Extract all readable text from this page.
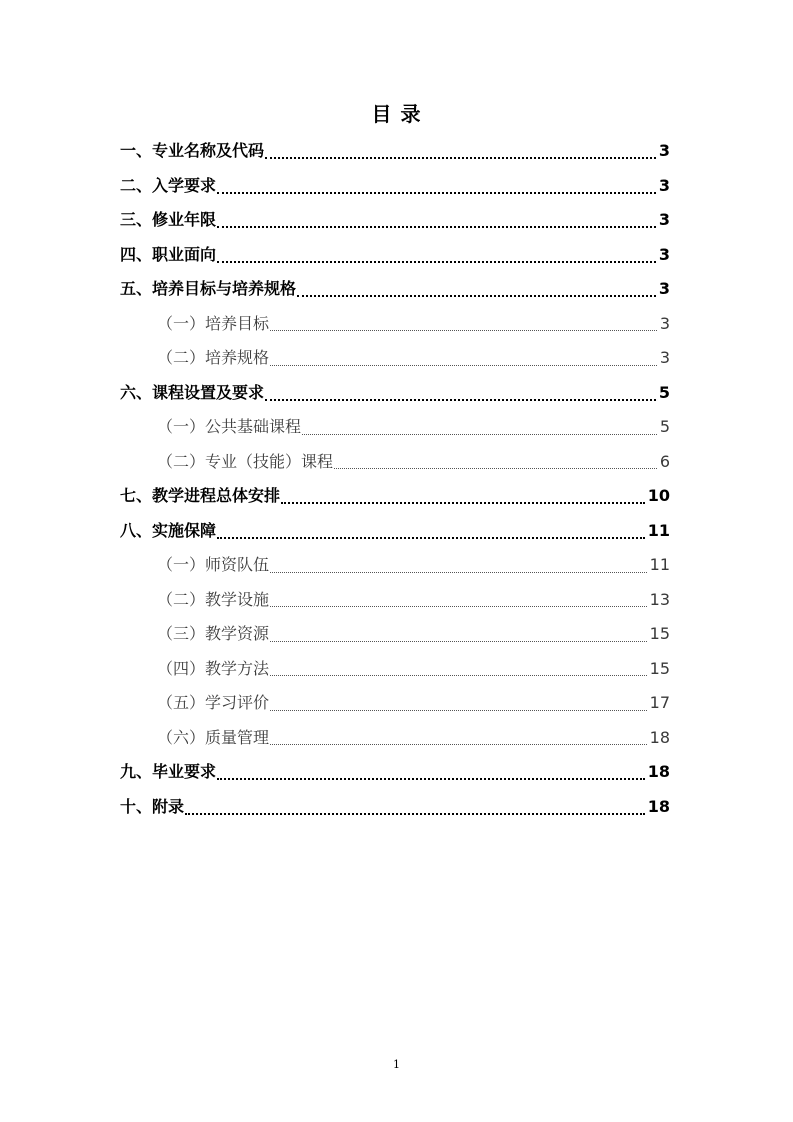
目 录
一、专业名称及代码	3
二、入学要求	3
三、修业年限	3
四、职业面向	3
五、培养目标与培养规格	3
（一）培养目标	3
（二）培养规格	3
六、课程设置及要求	5
（一）公共基础课程	5
（二）专业（技能）课程	6
七、教学进程总体安排	10
八、实施保障	11
（一）师资队伍	11
（二）教学设施	13
（三）教学资源	15
（四）教学方法	15
（五）学习评价	17
（六）质量管理	18
九、毕业要求	18
十、附录	18
1
